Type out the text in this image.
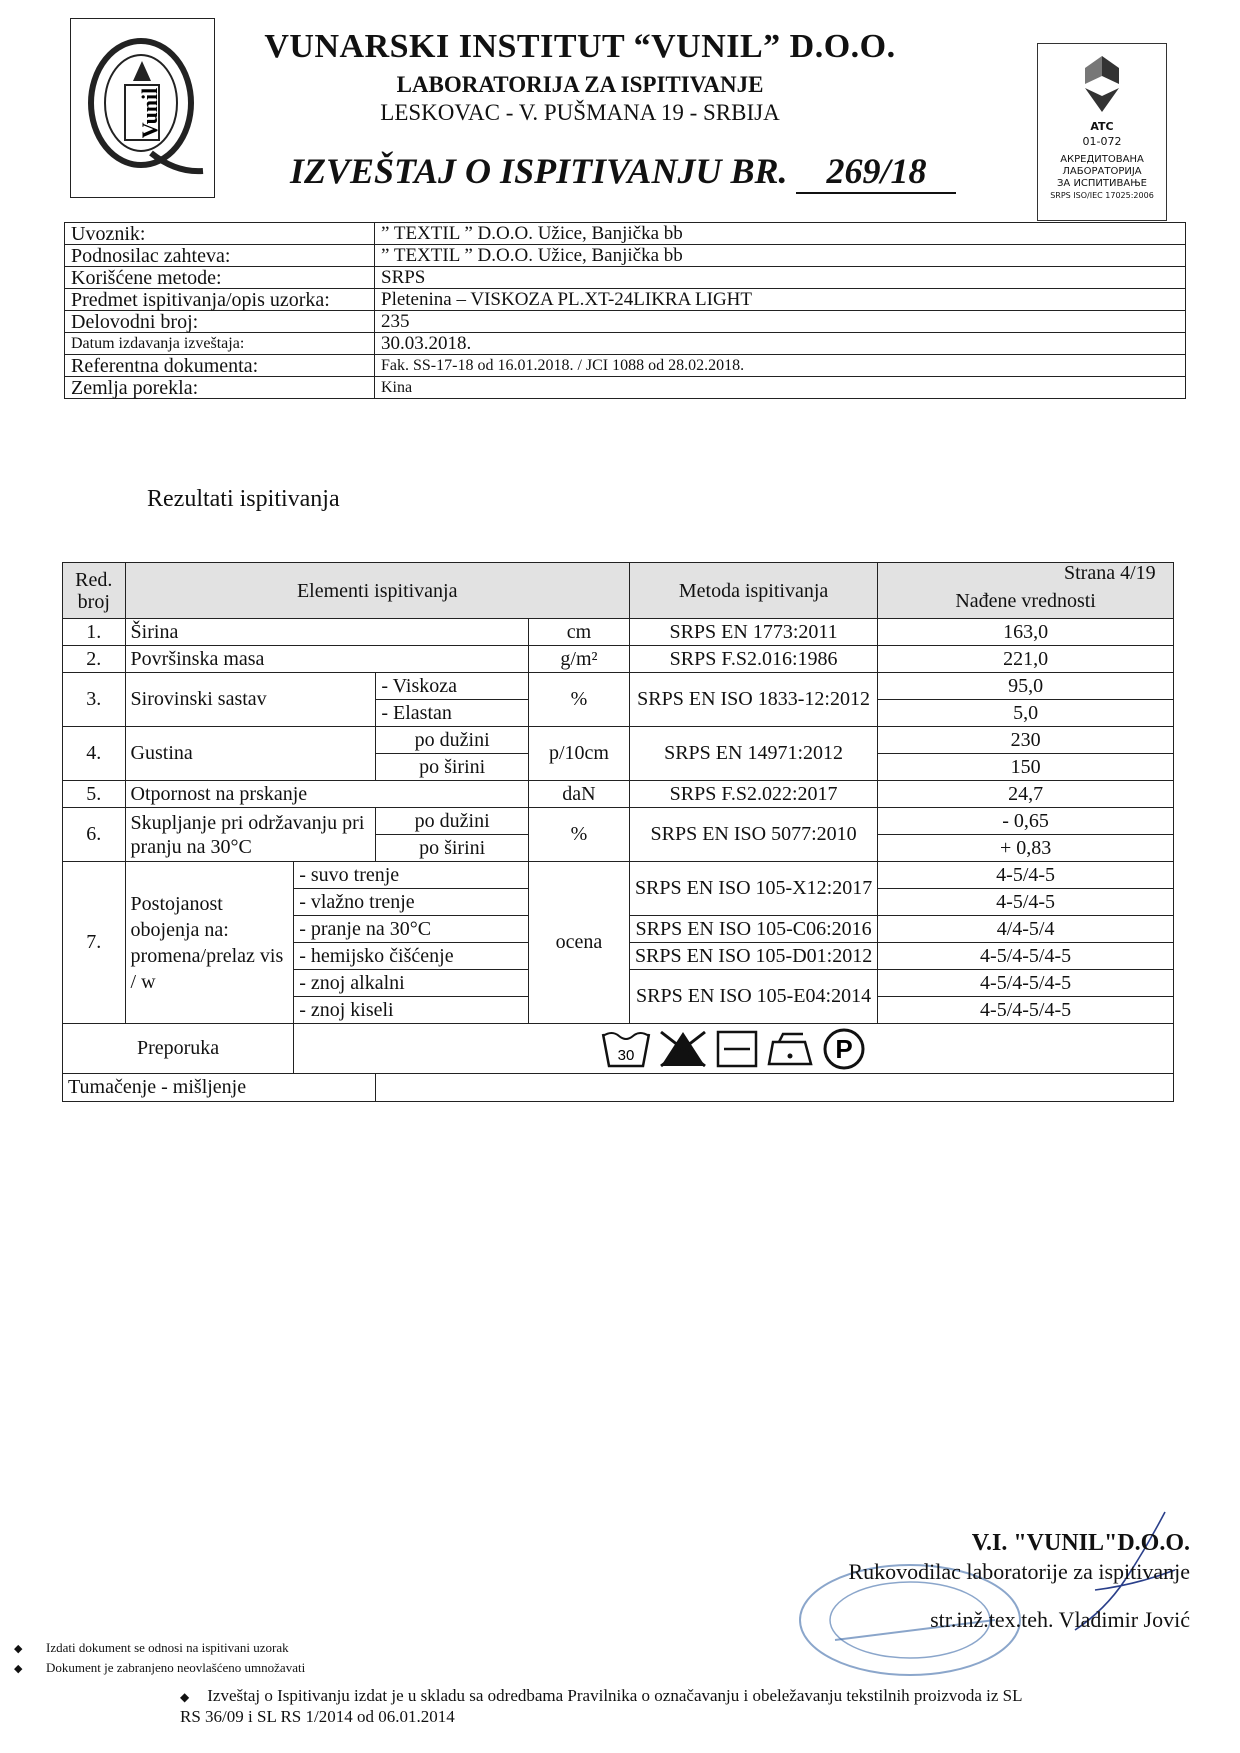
Vunil
VUNARSKI INSTITUT “VUNIL” D.O.O.
LABORATORIJA ZA ISPITIVANJE
LESKOVAC - V. PUŠMANA 19 - SRBIJA
IZVEŠTAJ O ISPITIVANJU BR. 269/18
ATC
01-072
АКРЕДИТОВАНА
ЛАБОРАТОРИЈА
ЗА ИСПИТИВАЊЕ
SRPS ISO/IEC 17025:2006
Uvoznik:	” TEXTIL ” D.O.O. Užice, Banjička bb
Podnosilac zahteva:	” TEXTIL ” D.O.O. Užice, Banjička bb
Korišćene metode:	SRPS
Predmet ispitivanja/opis uzorka:	Pletenina – VISKOZA PL.XT-24LIKRA LIGHT
Delovodni broj:	235
Datum izdavanja izveštaja:	30.03.2018.
Referentna dokumenta:	Fak. SS-17-18 od 16.01.2018. / JCI 1088 od 28.02.2018.
Zemlja porekla:	Kina
Rezultati ispitivanja
Red. broj	Elementi ispitivanja				Metoda ispitivanja	Nađene vrednosti
1.	Širina			cm	SRPS EN 1773:2011	163,0
2.	Površinska masa			g/m²	SRPS F.S2.016:1986	221,0
3.	Sirovinski sastav		- Viskoza	%	SRPS EN ISO 1833-12:2012	95,0
			- Elastan			5,0
4.	Gustina		po dužini	p/10cm	SRPS EN 14971:2012	230
			po širini			150
5.	Otpornost na prskanje			daN	SRPS F.S2.022:2017	24,7
6.	Skupljanje pri održavanju pri pranju na 30°C		po dužini	%	SRPS EN ISO 5077:2010	- 0,65
			po širini			+ 0,83
7.	Postojanost obojenja na: promena/prelaz vis / w	- suvo trenje		ocena	SRPS EN ISO 105-X12:2017	4-5/4-5
		- vlažno trenje				4-5/4-5
		- pranje na 30°C			SRPS EN ISO 105-C06:2016	4/4-5/4
		- hemijsko čišćenje			SRPS EN ISO 105-D01:2012	4-5/4-5/4-5
		- znoj alkalni			SRPS EN ISO 105-E04:2014	4-5/4-5/4-5
		- znoj kiseli				4-5/4-5/4-5
Preporuka		30
P				

Tumačenje - mišljenje						
Strana 4/19
V.I. "VUNIL"D.O.O.
Rukovodilac laboratorije za ispitivanje
str.inž.tex.teh. Vladimir Jović
◆ Izdati dokument se odnosi na ispitivani uzorak
◆ Dokument je zabranjeno neovlašćeno umnožavati
◆ Izveštaj o Ispitivanju izdat je u skladu sa odredbama Pravilnika o označavanju i obeležavanju tekstilnih proizvoda iz SL RS 36/09 i SL RS 1/2014 od 06.01.2014
